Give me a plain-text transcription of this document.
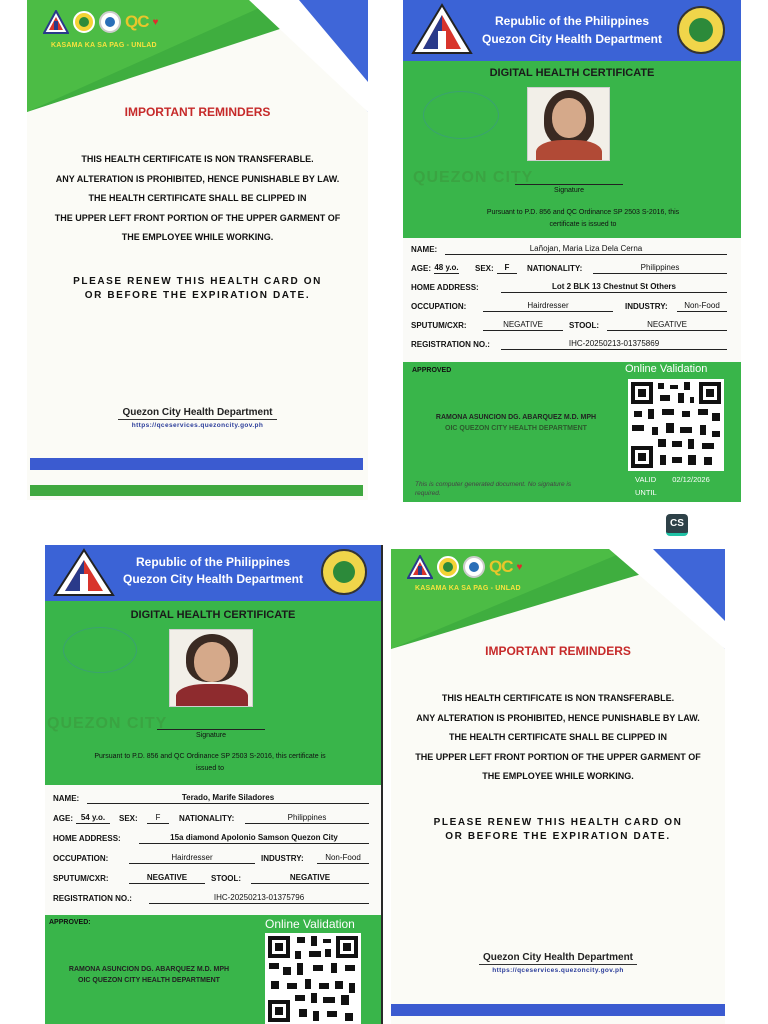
QC ♥
KASAMA KA SA PAG - UNLAD
IMPORTANT REMINDERS
THIS HEALTH CERTIFICATE IS NON TRANSFERABLE.
ANY ALTERATION IS PROHIBITED, HENCE PUNISHABLE BY LAW.
THE HEALTH CERTIFICATE SHALL BE CLIPPED IN
THE UPPER LEFT FRONT PORTION OF THE UPPER GARMENT OF
THE EMPLOYEE WHILE WORKING.
PLEASE RENEW THIS HEALTH CARD ON
OR BEFORE THE EXPIRATION DATE.
Quezon City Health Department
https://qceservices.quezoncity.gov.ph
Republic of the Philippines
Quezon City Health Department
DIGITAL HEALTH CERTIFICATE
QUEZON CITY
Signature
Pursuant to P.D. 856 and QC Ordinance SP 2503 S-2016, this certificate is issued to
NAME:	Lañojan, Maria Liza Dela Cerna
AGE: 48 y.o. SEX:	F	NATIONALITY:	Philippines
HOME ADDRESS:	Lot 2 BLK 13 Chestnut St Others
OCCUPATION:	Hairdresser	INDUSTRY:	Non-Food
SPUTUM/CXR:	NEGATIVE	STOOL:	NEGATIVE
REGISTRATION NO.:	IHC-20250213-01375869
APPROVED	Online Validation
RAMONA ASUNCION DG. ABARQUEZ M.D. MPH
OIC QUEZON CITY HEALTH DEPARTMENT
This is computer generated document. No signature is required.
VALID 02/12/2026
UNTIL
CS
Republic of the Philippines
Quezon City Health Department
DIGITAL HEALTH CERTIFICATE
QUEZON CITY
Signature
Pursuant to P.D. 856 and QC Ordinance SP 2503 S-2016, this certificate is issued to
NAME:	Terado, Marife Siladores
AGE: 54 y.o.	SEX:	F	NATIONALITY:	Philippines
HOME ADDRESS:	15a diamond Apolonio Samson Quezon City
OCCUPATION:	Hairdresser	INDUSTRY:	Non-Food
SPUTUM/CXR:	NEGATIVE	STOOL:	NEGATIVE
REGISTRATION NO.:	IHC-20250213-01375796
APPROVED:	Online Validation
RAMONA ASUNCION DG. ABARQUEZ M.D. MPH
OIC QUEZON CITY HEALTH DEPARTMENT
QC ♥
KASAMA KA SA PAG - UNLAD
IMPORTANT REMINDERS
THIS HEALTH CERTIFICATE IS NON TRANSFERABLE.
ANY ALTERATION IS PROHIBITED, HENCE PUNISHABLE BY LAW.
THE HEALTH CERTIFICATE SHALL BE CLIPPED IN
THE UPPER LEFT FRONT PORTION OF THE UPPER GARMENT OF
THE EMPLOYEE WHILE WORKING.
PLEASE RENEW THIS HEALTH CARD ON
OR BEFORE THE EXPIRATION DATE.
Quezon City Health Department
https://qceservices.quezoncity.gov.ph
